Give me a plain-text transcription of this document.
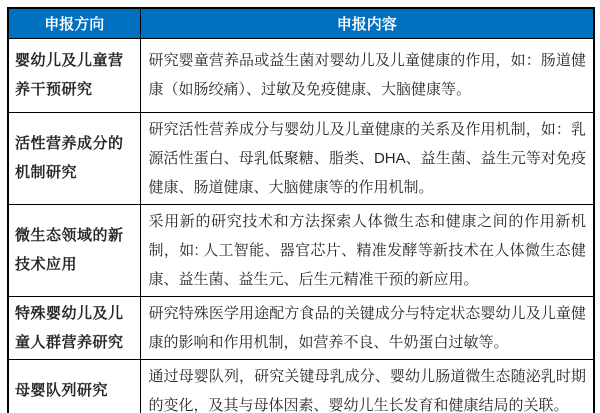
申报方向	申报内容
婴幼儿及儿童营养干预研究	研究婴童营养品或益生菌对婴幼儿及儿童健康的作用，如：肠道健康（如肠绞痛）、过敏及免疫健康、大脑健康等。
活性营养成分的机制研究	研究活性营养成分与婴幼儿及儿童健康的关系及作用机制，如：乳源活性蛋白、母乳低聚糖、脂类、DHA、益生菌、益生元等对免疫健康、肠道健康、大脑健康等的作用机制。
微生态领域的新技术应用	采用新的研究技术和方法探索人体微生态和健康之间的作用新机制，如: 人工智能、器官芯片、精准发酵等新技术在人体微生态健康、益生菌、益生元、后生元精准干预的新应用。
特殊婴幼儿及儿童人群营养研究	研究特殊医学用途配方食品的关键成分与特定状态婴幼儿及儿童健康的影响和作用机制，如营养不良、牛奶蛋白过敏等。
母婴队列研究	通过母婴队列，研究关键母乳成分、婴幼儿肠道微生态随泌乳时期的变化，及其与母体因素、婴幼儿生长发育和健康结局的关联。
